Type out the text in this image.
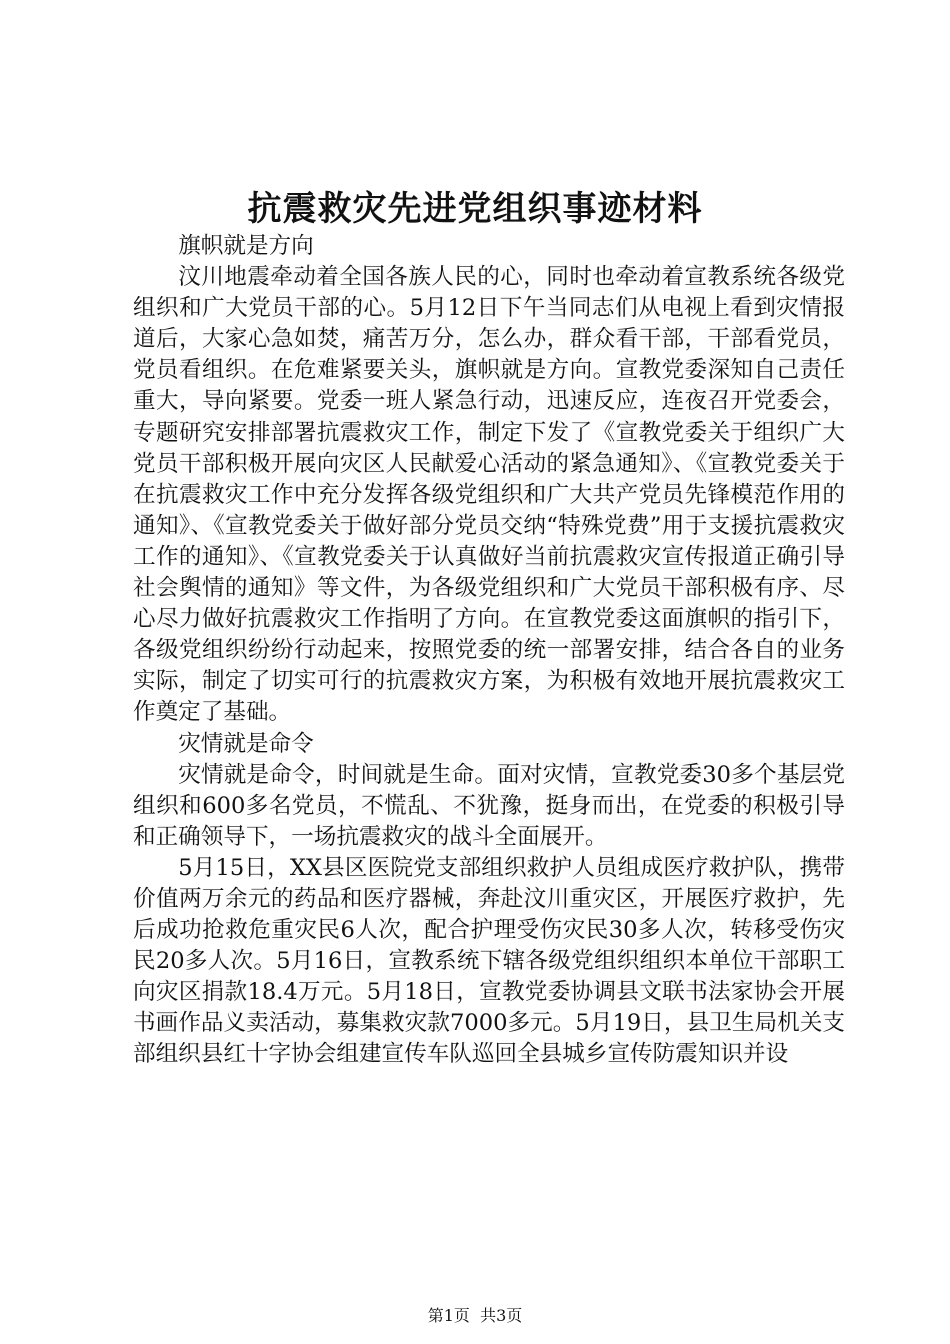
抗震救灾先进党组织事迹材料

旗帜就是方向

汶川地震牵动着全国各族人民的心，同时也牵动着宣教系统各级党组织和广大党员干部的心。5月12日下午当同志们从电视上看到灾情报道后，大家心急如焚，痛苦万分，怎么办，群众看干部，干部看党员，党员看组织。在危难紧要关头，旗帜就是方向。宣教党委深知自己责任重大，导向紧要。党委一班人紧急行动，迅速反应，连夜召开党委会，专题研究安排部署抗震救灾工作，制定下发了《宣教党委关于组织广大党员干部积极开展向灾区人民献爱心活动的紧急通知》、《宣教党委关于在抗震救灾工作中充分发挥各级党组织和广大共产党员先锋模范作用的通知》、《宣教党委关于做好部分党员交纳“特殊党费”用于支援抗震救灾工作的通知》、《宣教党委关于认真做好当前抗震救灾宣传报道正确引导社会舆情的通知》等文件，为各级党组织和广大党员干部积极有序、尽心尽力做好抗震救灾工作指明了方向。在宣教党委这面旗帜的指引下，各级党组织纷纷行动起来，按照党委的统一部署安排，结合各自的业务实际，制定了切实可行的抗震救灾方案，为积极有效地开展抗震救灾工作奠定了基础。

灾情就是命令

灾情就是命令，时间就是生命。面对灾情，宣教党委30多个基层党组织和600多名党员，不慌乱、不犹豫，挺身而出，在党委的积极引导和正确领导下，一场抗震救灾的战斗全面展开。

5月15日，XX县区医院党支部组织救护人员组成医疗救护队，携带价值两万余元的药品和医疗器械，奔赴汶川重灾区，开展医疗救护，先后成功抢救危重灾民6人次，配合护理受伤灾民30多人次，转移受伤灾民20多人次。5月16日，宣教系统下辖各级党组织组织本单位干部职工向灾区捐款18.4万元。5月18日，宣教党委协调县文联书法家协会开展书画作品义卖活动，募集救灾款7000多元。5月19日，县卫生局机关支部组织县红十字协会组建宣传车队巡回全县城乡宣传防震知识并设

第1页  共3页
